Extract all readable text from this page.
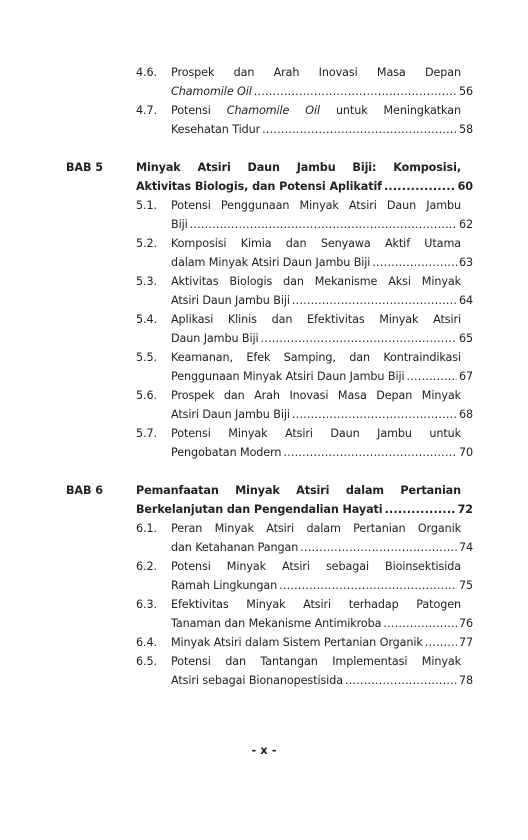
4.6. Prospek dan Arah Inovasi Masa Depan
Chamomile Oil .....	56
4.7. Potensi Chamomile Oil untuk Meningkatkan
Kesehatan Tidur .....	58
BAB 5	Minyak Atsiri Daun Jambu Biji: Komposisi,
Aktivitas Biologis, dan Potensi Aplikatif .....	60
5.1. Potensi Penggunaan Minyak Atsiri Daun Jambu
Biji .....	62
5.2. Komposisi Kimia dan Senyawa Aktif Utama
dalam Minyak Atsiri Daun Jambu Biji .....	63
5.3. Aktivitas Biologis dan Mekanisme Aksi Minyak
Atsiri Daun Jambu Biji .....	64
5.4. Aplikasi Klinis dan Efektivitas Minyak Atsiri
Daun Jambu Biji .....	65
5.5. Keamanan, Efek Samping, dan Kontraindikasi
Penggunaan Minyak Atsiri Daun Jambu Biji .....	67
5.6. Prospek dan Arah Inovasi Masa Depan Minyak
Atsiri Daun Jambu Biji .....	68
5.7. Potensi Minyak Atsiri Daun Jambu untuk
Pengobatan Modern .....	70
BAB 6	Pemanfaatan Minyak Atsiri dalam Pertanian
Berkelanjutan dan Pengendalian Hayati .....	72
6.1. Peran Minyak Atsiri dalam Pertanian Organik
dan Ketahanan Pangan .....	74
6.2. Potensi Minyak Atsiri sebagai Bioinsektisida
Ramah Lingkungan .....	75
6.3. Efektivitas Minyak Atsiri terhadap Patogen
Tanaman dan Mekanisme Antimikroba .....	76
6.4. Minyak Atsiri dalam Sistem Pertanian Organik .....	77
6.5. Potensi dan Tantangan Implementasi Minyak
Atsiri sebagai Bionanopestisida .....	78
- x -
